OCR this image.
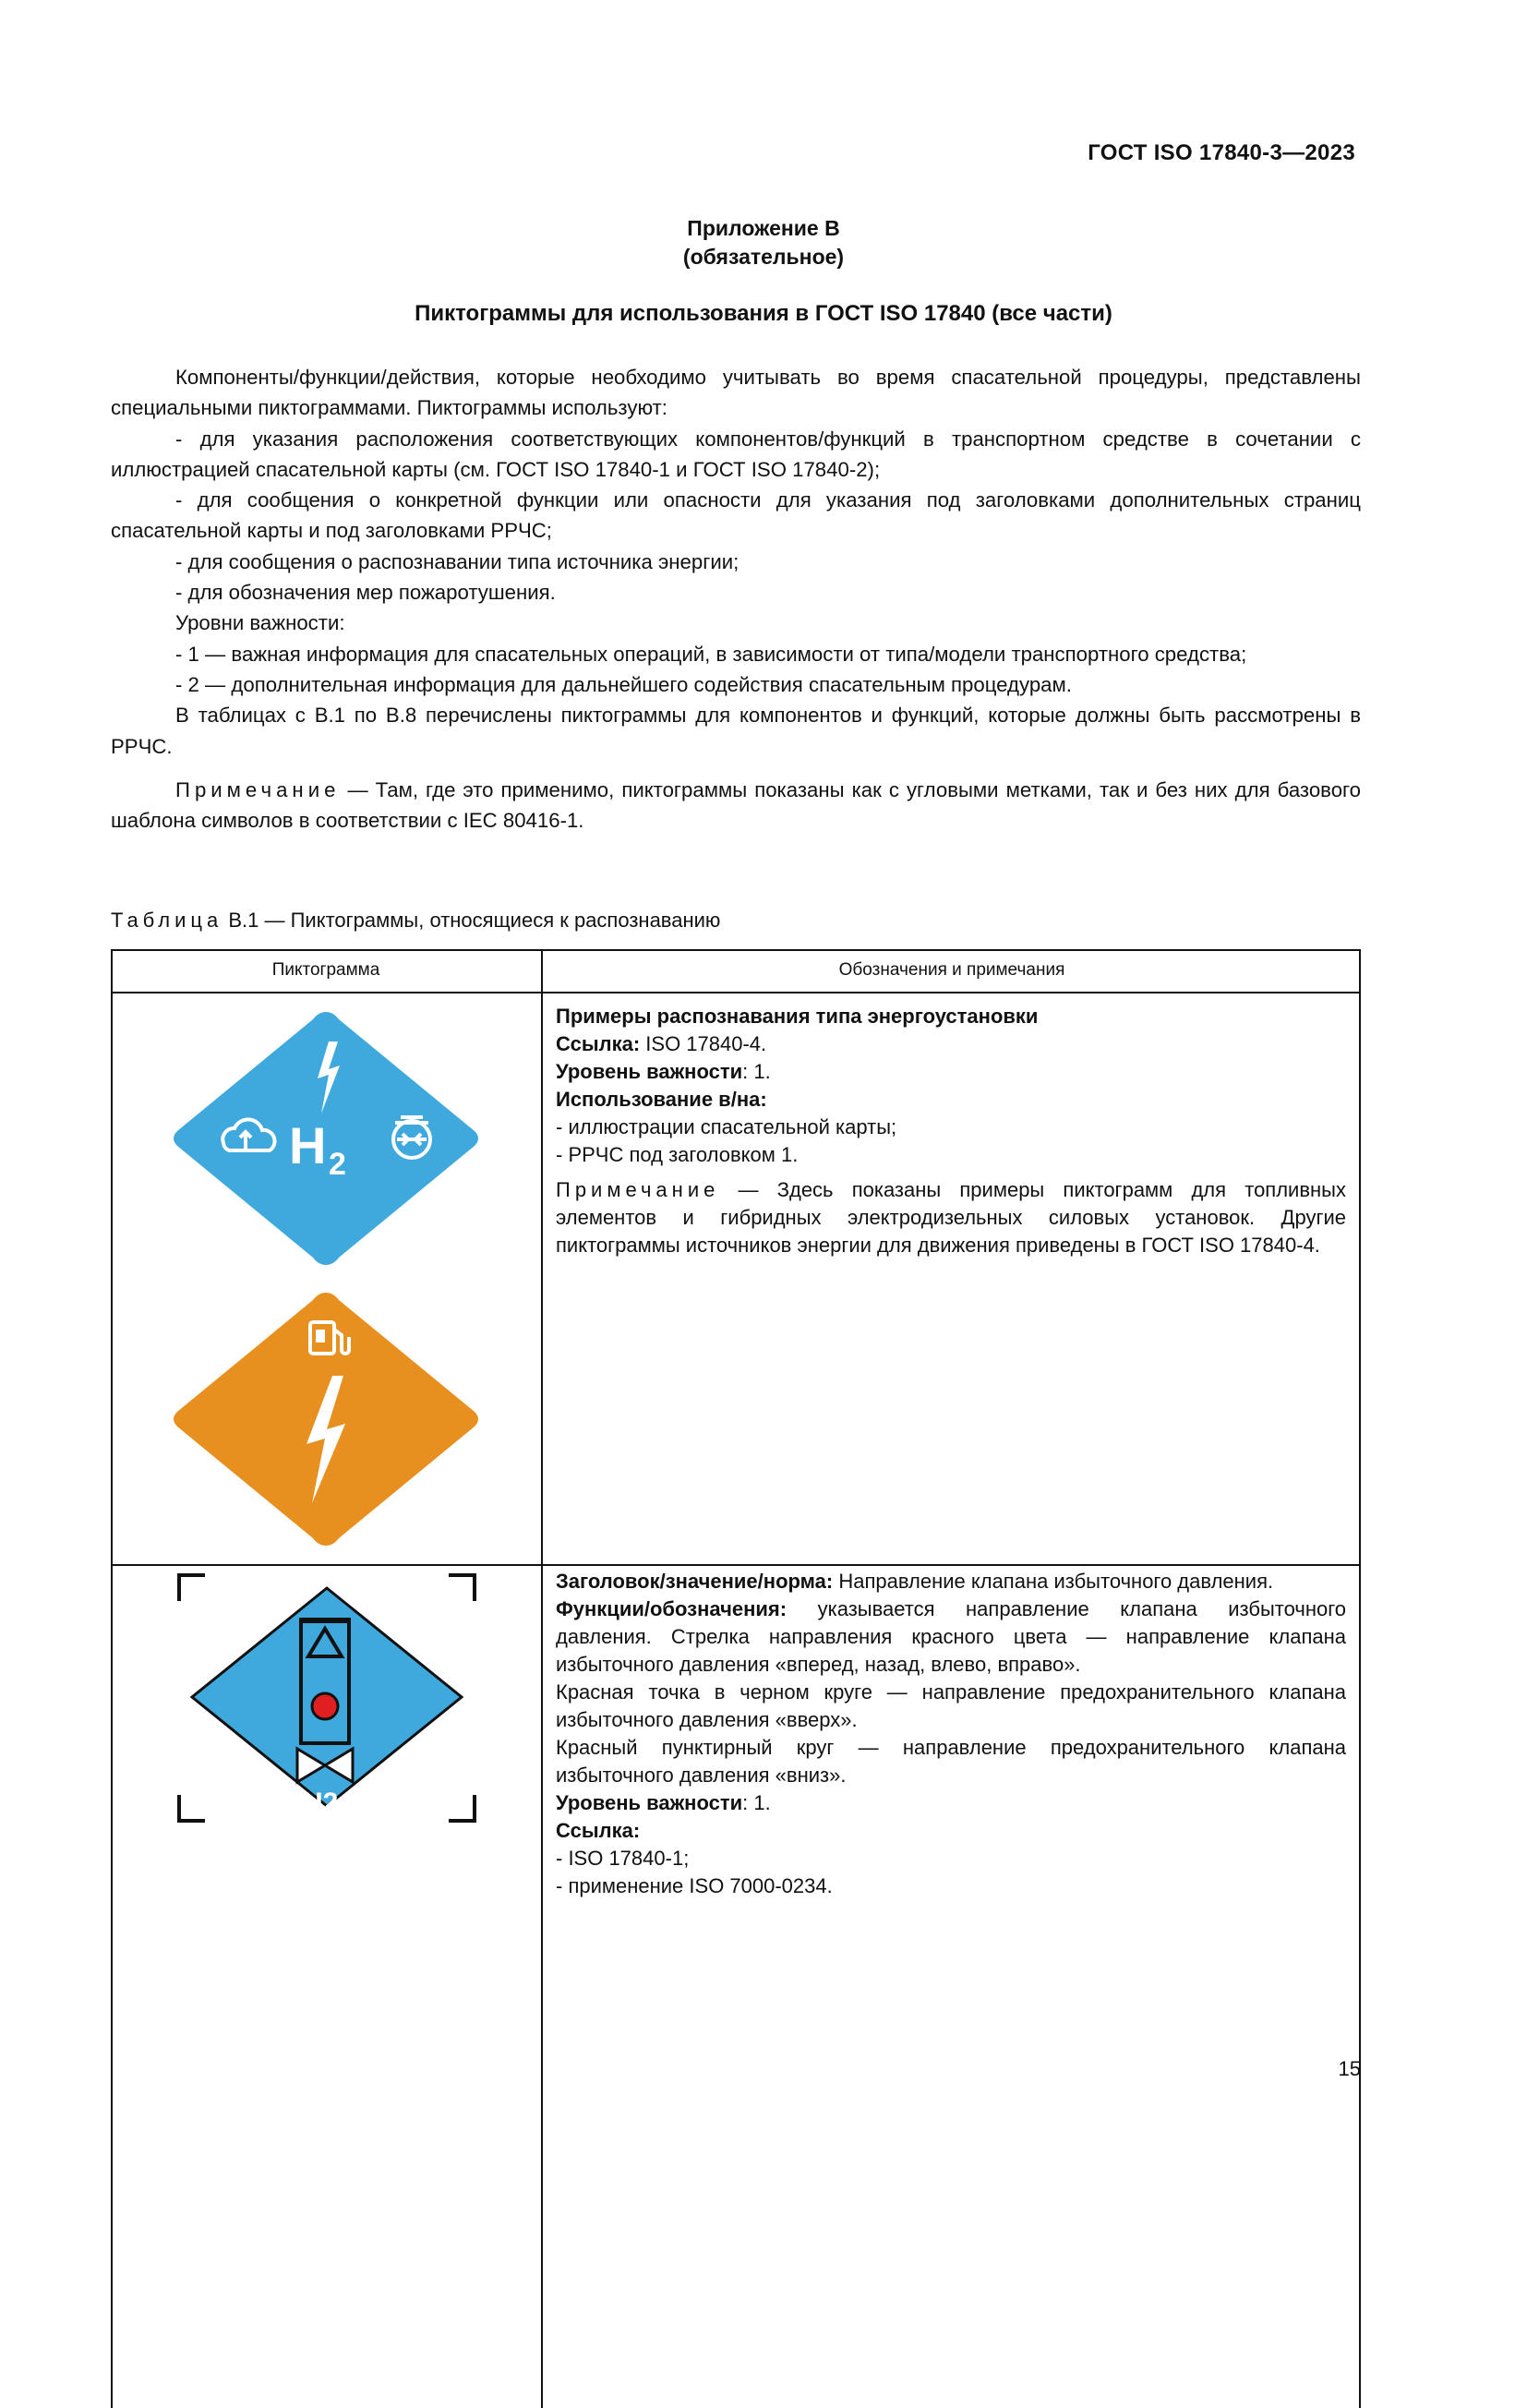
ГОСТ ISO 17840-3—2023
Приложение В
(обязательное)
Пиктограммы для использования в ГОСТ ISO 17840 (все части)

Компоненты/функции/действия, которые необходимо учитывать во время спасательной процедуры, представлены специальными пиктограммами. Пиктограммы используют:

- для указания расположения соответствующих компонентов/функций в транспортном средстве в сочетании с иллюстрацией спасательной карты (см. ГОСТ ISO 17840-1 и ГОСТ ISO 17840-2);

- для сообщения о конкретной функции или опасности для указания под заголовками дополнительных страниц спасательной карты и под заголовками РРЧС;

- для сообщения о распознавании типа источника энергии;

- для обозначения мер пожаротушения.

Уровни важности:

- 1 — важная информация для спасательных операций, в зависимости от типа/модели транспортного средства;

- 2 — дополнительная информация для дальнейшего содействия спасательным процедурам.

В таблицах с В.1 по В.8 перечислены пиктограммы для компонентов и функций, которые должны быть рассмотрены в РРЧС.

Примечание — Там, где это применимо, пиктограммы показаны как с угловыми метками, так и без них для базового шаблона символов в соответствии с IEC 80416-1.

Таблица В.1 — Пиктограммы, относящиеся к распознаванию
Пиктограмма	Обозначения и примечания
H 2

Примеры распознавания типа энергоустановки

Ссылка: ISO 17840-4.

Уровень важности: 1.

Использование в/на:

- иллюстрации спасательной карты;

- РРЧС под заголовком 1.

Примечание — Здесь показаны примеры пиктограмм для топливных элементов и гибридных электродизельных силовых установок. Другие пиктограммы источников энергии для движения приведены в ГОСТ ISO 17840-4.

H2

Заголовок/значение/норма: Направление клапана избыточного давления.

Функции/обозначения: указывается направление клапана избыточного давления. Стрелка направления красного цвета — направление клапана избыточного давления «вперед, назад, влево, вправо».

Красная точка в черном круге — направление предохранительного клапана избыточного давления «вверх».

Красный пунктирный круг — направление предохранительного клапана избыточного давления «вниз».

Уровень важности: 1.

Ссылка:

- ISO 17840-1;

- применение ISO 7000-0234.

15
